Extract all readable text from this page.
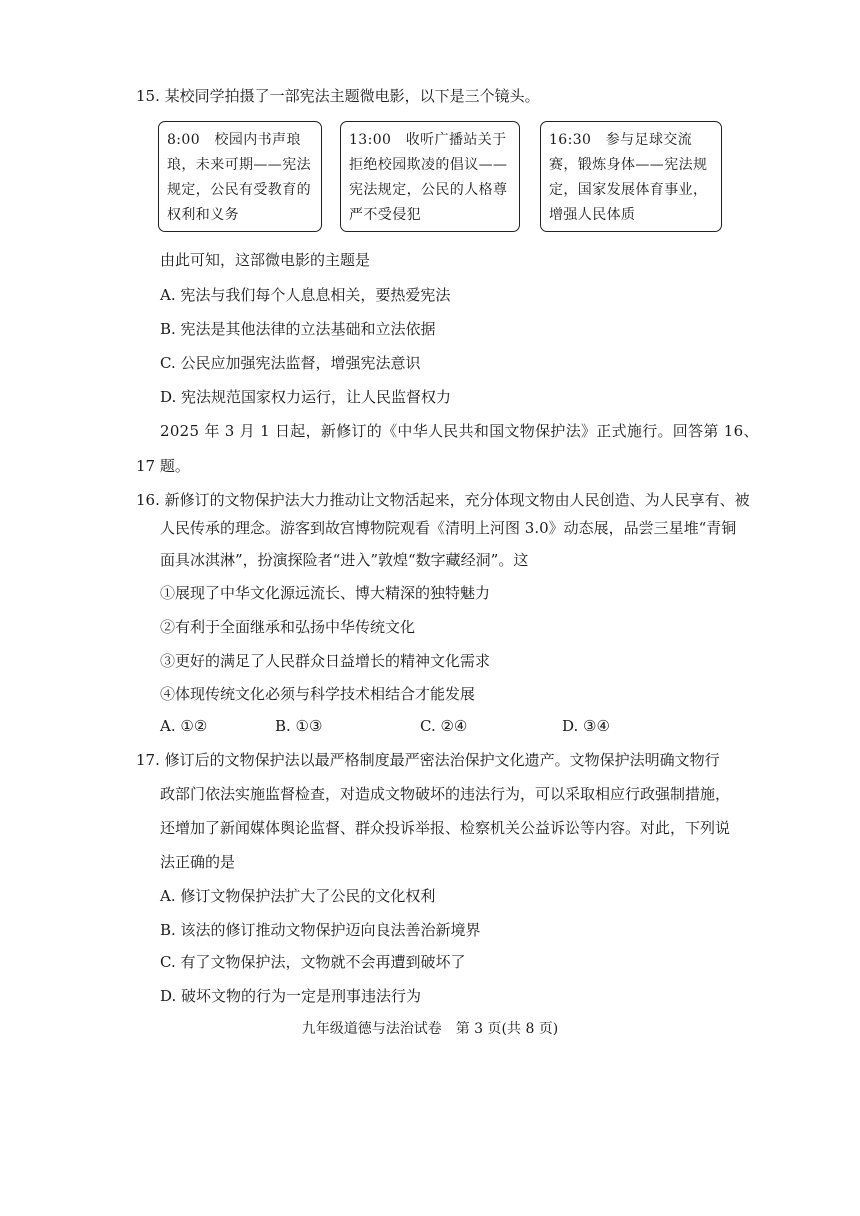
15. 某校同学拍摄了一部宪法主题微电影，以下是三个镜头。
8:00　校园内书声琅琅，未来可期——宪法规定，公民有受教育的权利和义务
13:00　收听广播站关于拒绝校园欺凌的倡议——宪法规定，公民的人格尊严不受侵犯
16:30　参与足球交流赛，锻炼身体——宪法规定，国家发展体育事业，增强人民体质
由此可知，这部微电影的主题是
A. 宪法与我们每个人息息相关，要热爱宪法
B. 宪法是其他法律的立法基础和立法依据
C. 公民应加强宪法监督，增强宪法意识
D. 宪法规范国家权力运行，让人民监督权力
2025 年 3 月 1 日起，新修订的《中华人民共和国文物保护法》正式施行。回答第 16、
17 题。
16. 新修订的文物保护法大力推动让文物活起来，充分体现文物由人民创造、为人民享有、被
人民传承的理念。游客到故宫博物院观看《清明上河图 3.0》动态展，品尝三星堆“青铜
面具冰淇淋”，扮演探险者“进入”敦煌“数字藏经洞”。这
①展现了中华文化源远流长、博大精深的独特魅力
②有利于全面继承和弘扬中华传统文化
③更好的满足了人民群众日益增长的精神文化需求
④体现传统文化必须与科学技术相结合才能发展
A. ①②	B. ①③	C. ②④	D. ③④
17. 修订后的文物保护法以最严格制度最严密法治保护文化遗产。文物保护法明确文物行
政部门依法实施监督检查，对造成文物破坏的违法行为，可以采取相应行政强制措施，
还增加了新闻媒体舆论监督、群众投诉举报、检察机关公益诉讼等内容。对此，下列说
法正确的是
A. 修订文物保护法扩大了公民的文化权利
B. 该法的修订推动文物保护迈向良法善治新境界
C. 有了文物保护法，文物就不会再遭到破坏了
D. 破坏文物的行为一定是刑事违法行为
九年级道德与法治试卷　第 3 页(共 8 页)
